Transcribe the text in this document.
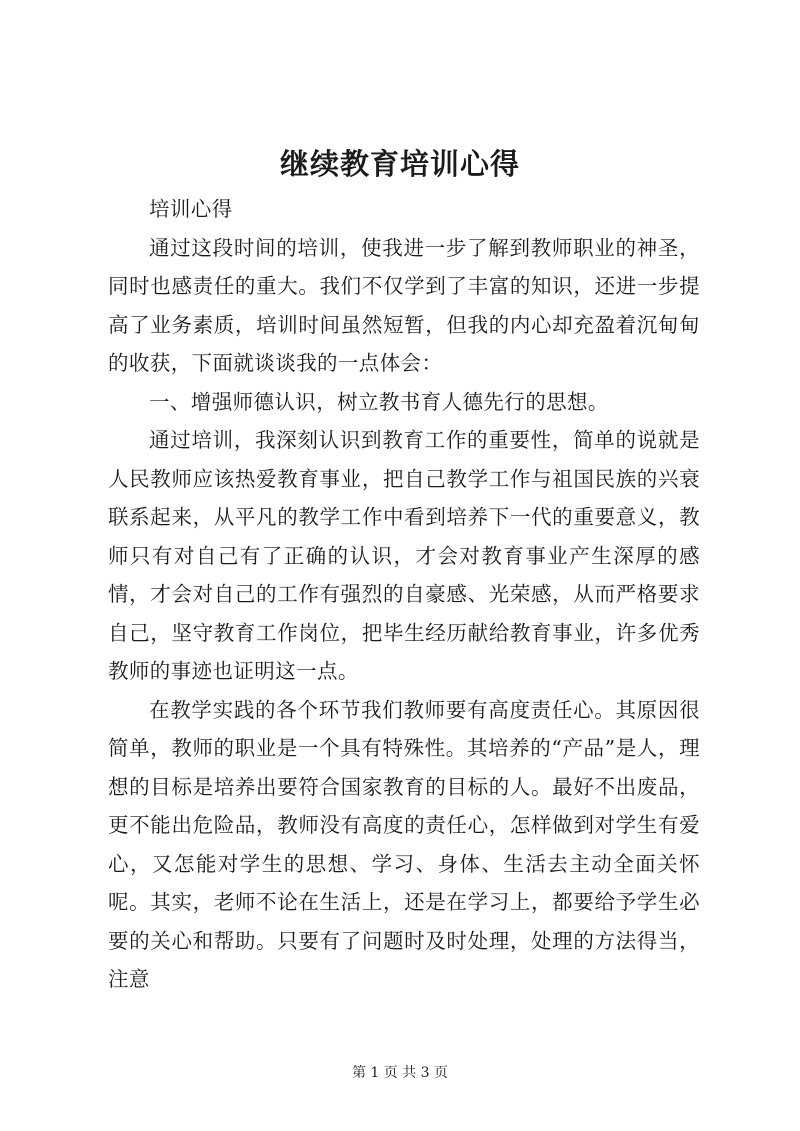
继续教育培训心得

培训心得

通过这段时间的培训，使我进一步了解到教师职业的神圣，同时也感责任的重大。我们不仅学到了丰富的知识，还进一步提高了业务素质，培训时间虽然短暂，但我的内心却充盈着沉甸甸的收获，下面就谈谈我的一点体会：

一、增强师德认识，树立教书育人德先行的思想。

通过培训，我深刻认识到教育工作的重要性，简单的说就是人民教师应该热爱教育事业，把自己教学工作与祖国民族的兴衰联系起来，从平凡的教学工作中看到培养下一代的重要意义，教师只有对自己有了正确的认识，才会对教育事业产生深厚的感情，才会对自己的工作有强烈的自豪感、光荣感，从而严格要求自己，坚守教育工作岗位，把毕生经历献给教育事业，许多优秀教师的事迹也证明这一点。

在教学实践的各个环节我们教师要有高度责任心。其原因很简单，教师的职业是一个具有特殊性。其培养的“产品”是人，理想的目标是培养出要符合国家教育的目标的人。最好不出废品，更不能出危险品，教师没有高度的责任心，怎样做到对学生有爱心，又怎能对学生的思想、学习、身体、生活去主动全面关怀呢。其实，老师不论在生活上，还是在学习上，都要给予学生必要的关心和帮助。只要有了问题时及时处理，处理的方法得当，注意

第 1 页 共 3 页
